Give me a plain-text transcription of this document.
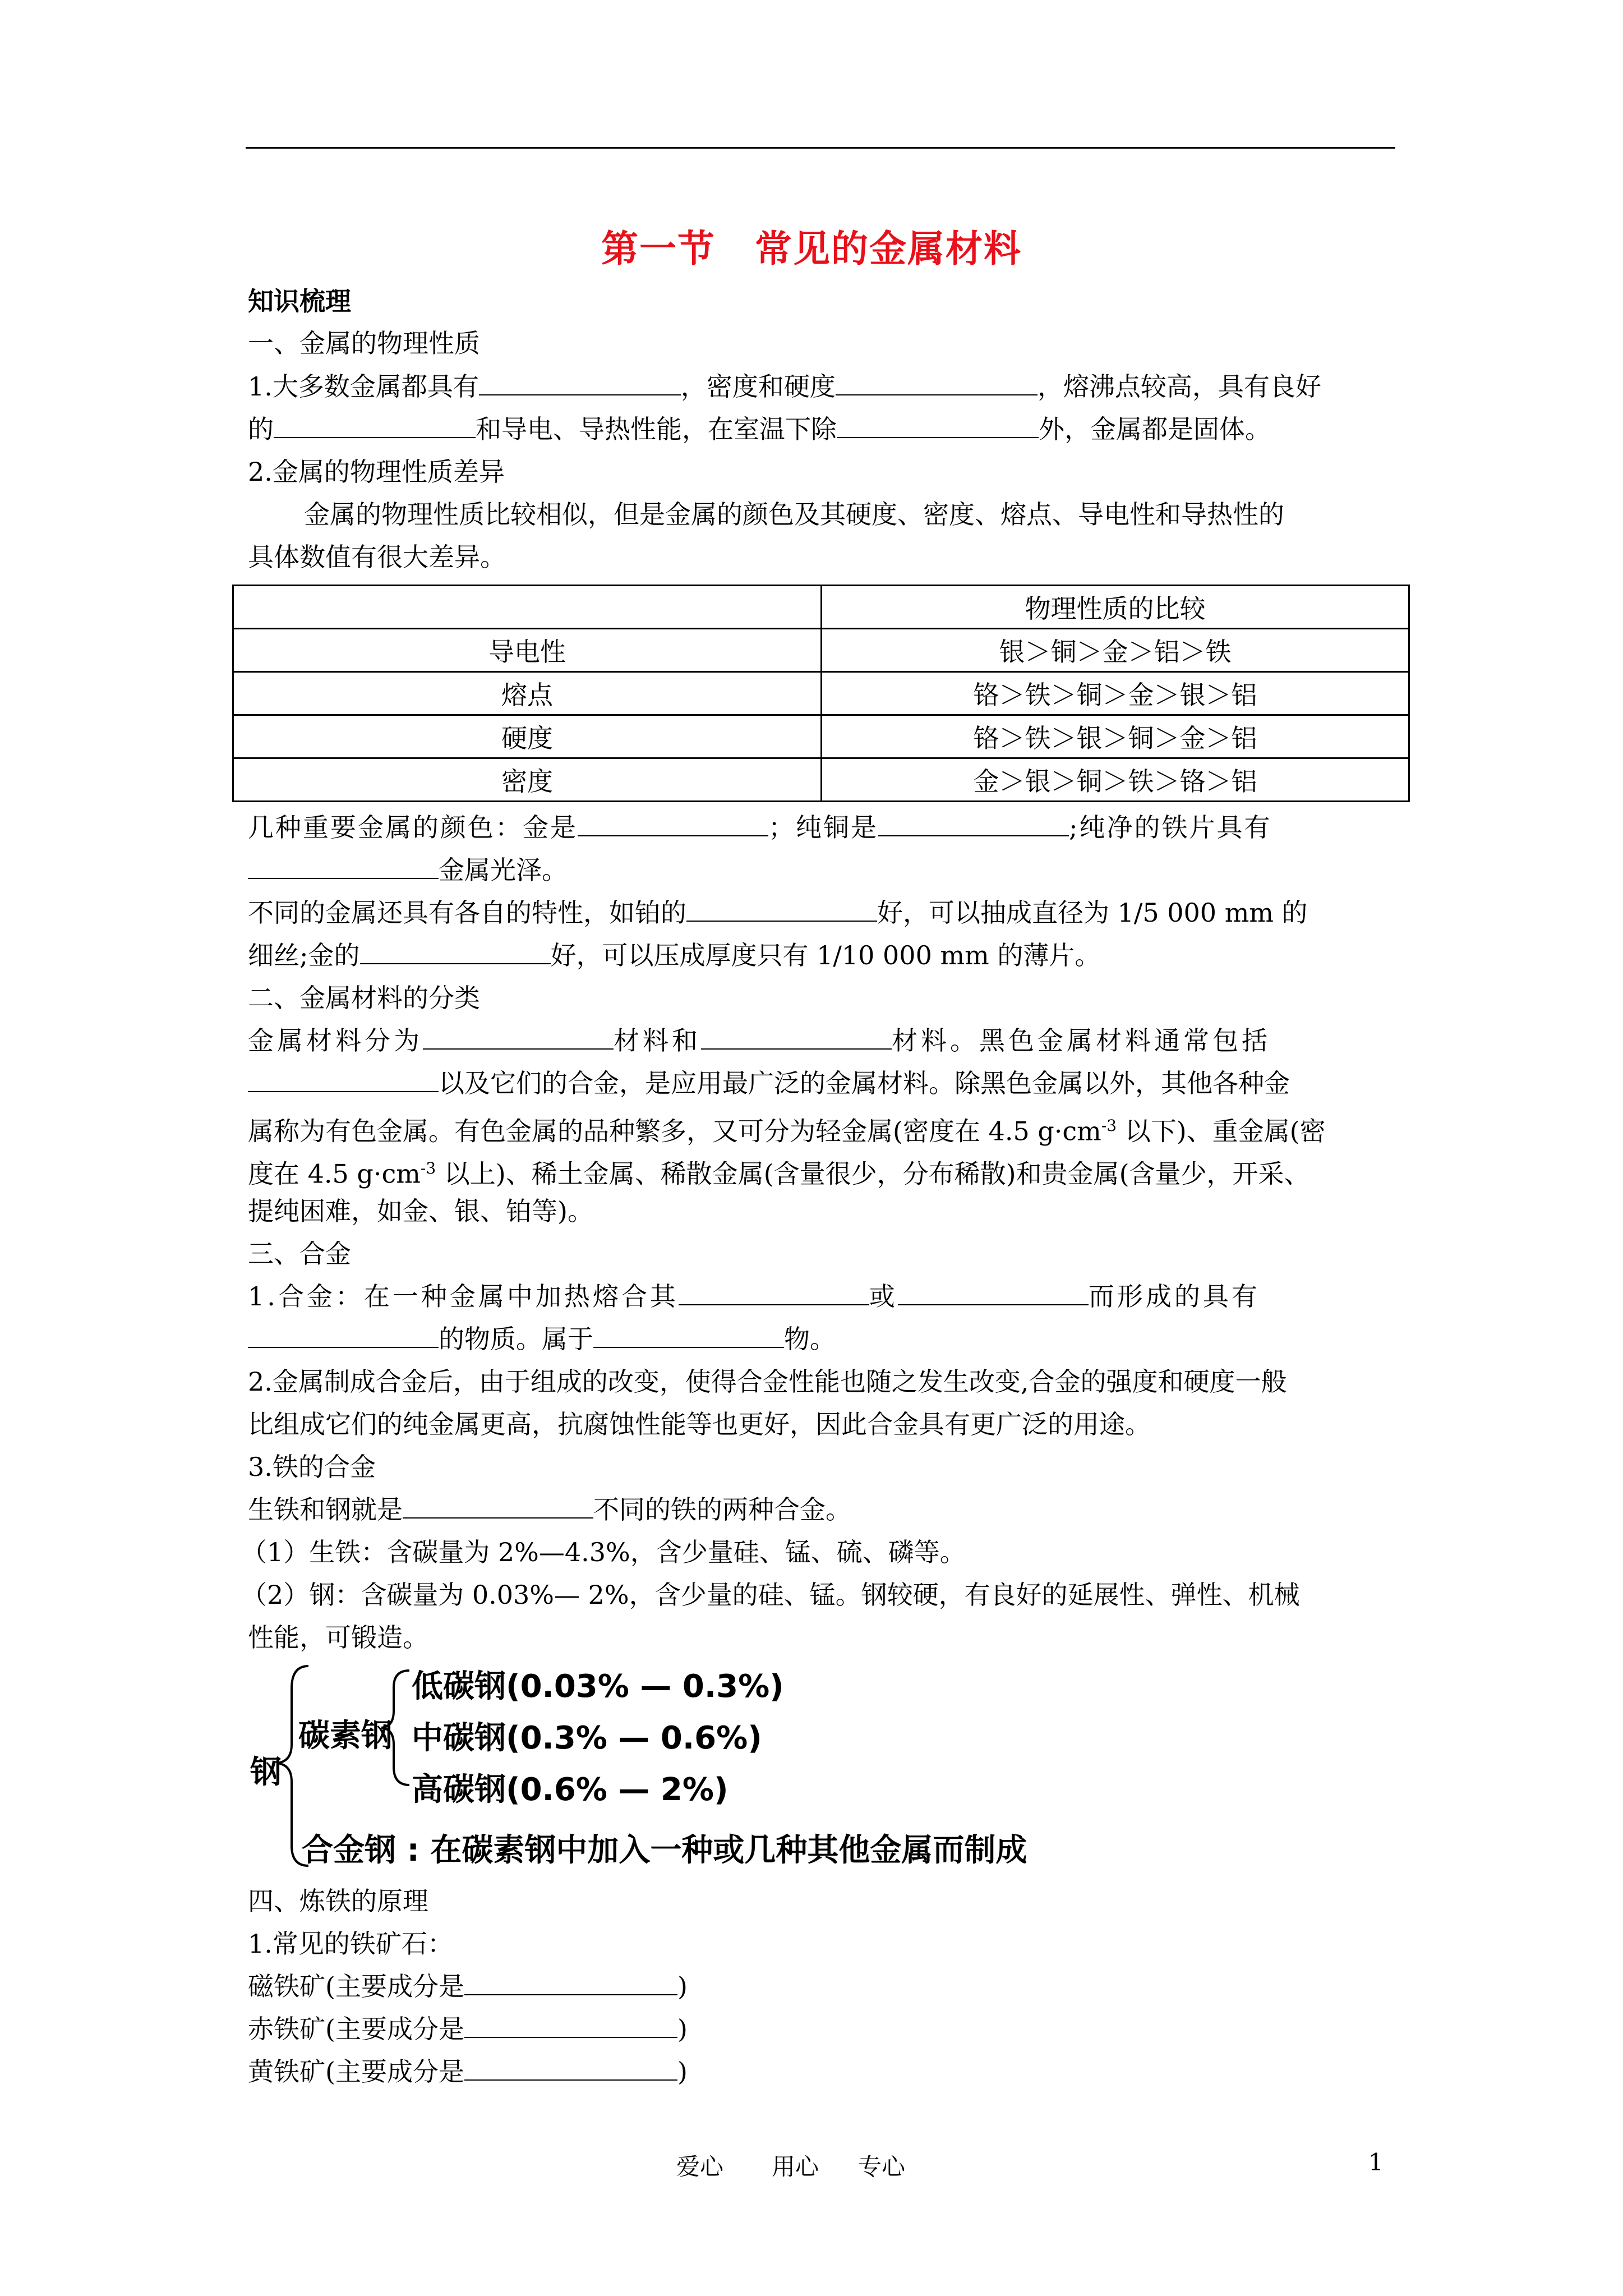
第一节 常见的金属材料
知识梳理
一、金属的物理性质
1.大多数金属都具有	，密度和硬度	，熔沸点较高，具有良好
的	和导电、导热性能，在室温下除	外，金属都是固体。
2.金属的物理性质差异
金属的物理性质比较相似，但是金属的颜色及其硬度、密度、熔点、导电性和导热性的
具体数值有很大差异。
	物理性质的比较
导电性	银＞铜＞金＞铝＞铁
熔点	铬＞铁＞铜＞金＞银＞铝
硬度	铬＞铁＞银＞铜＞金＞铝
密度	金＞银＞铜＞铁＞铬＞铝
几种重要金属的颜色：金是	；纯铜是	;纯净的铁片具有
金属光泽。
不同的金属还具有各自的特性，如铂的	好，可以抽成直径为 1/5 000 mm 的
细丝;金的	好，可以压成厚度只有 1/10 000 mm 的薄片。
二、金属材料的分类
金属材料分为	材料和	材料。黑色金属材料通常包括
以及它们的合金，是应用最广泛的金属材料。除黑色金属以外，其他各种金
属称为有色金属。有色金属的品种繁多，又可分为轻金属(密度在 4.5 $g\cdot cm^{-3}$ 以下)、重金属(密
度在 4.5 $g\cdot cm^{-3}$ 以上)、稀土金属、稀散金属(含量很少，分布稀散)和贵金属(含量少，开采、
提纯困难，如金、银、铂等)。
三、合金
1.合金：在一种金属中加热熔合其	或	而形成的具有
的物质。属于	物。
2.金属制成合金后，由于组成的改变，使得合金性能也随之发生改变,合金的强度和硬度一般
比组成它们的纯金属更高，抗腐蚀性能等也更好，因此合金具有更广泛的用途。
3.铁的合金
生铁和钢就是	不同的铁的两种合金。
（1）生铁：含碳量为 2%—4.3%，含少量硅、锰、硫、磷等。
（2）钢：含碳量为 0.03%— 2%，含少量的硅、锰。钢较硬，有良好的延展性、弹性、机械
性能，可锻造。
钢
碳素钢
低碳钢(0.03% — 0.3%)
中碳钢(0.3% — 0.6%)
高碳钢(0.6% — 2%)
合金钢 : 在碳素钢中加入一种或几种其他金属而制成
四、炼铁的原理
1.常见的铁矿石：
磁铁矿(主要成分是	)
赤铁矿(主要成分是	)
黄铁矿(主要成分是	)
爱心 用心 专心	1
